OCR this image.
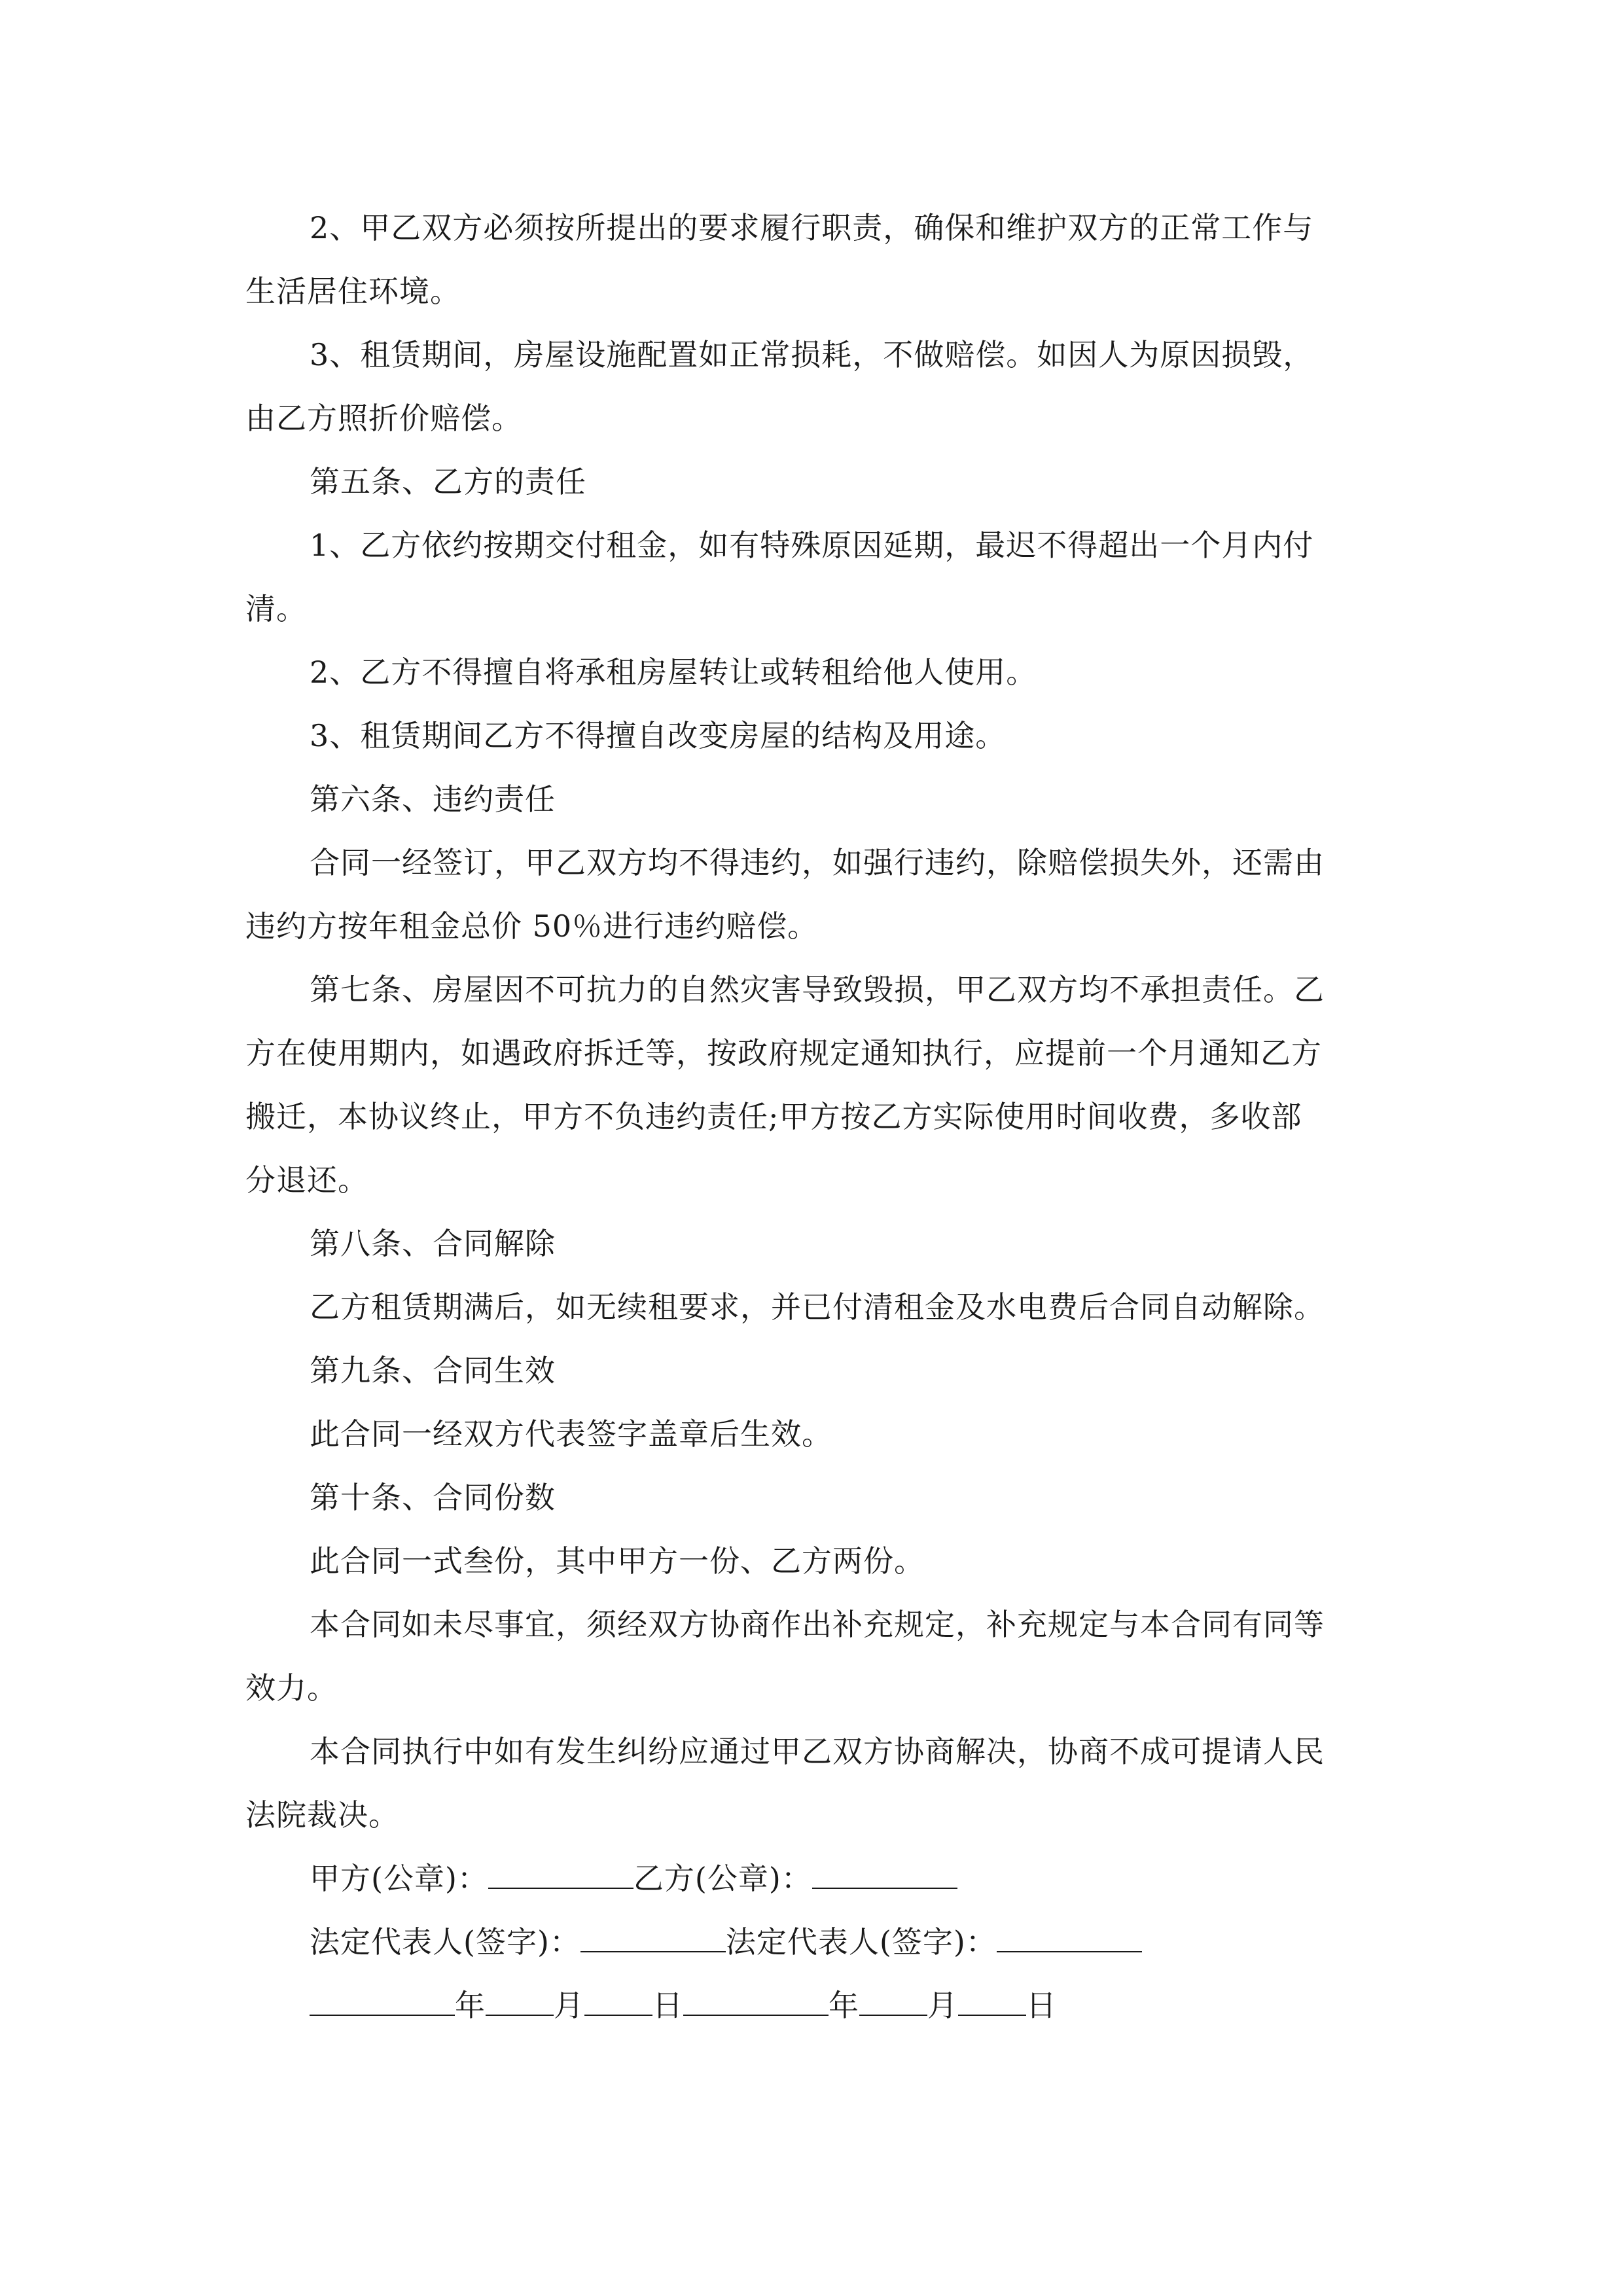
2、甲乙双方必须按所提出的要求履行职责，确保和维护双方的正常工作与
生活居住环境。
3、租赁期间，房屋设施配置如正常损耗，不做赔偿。如因人为原因损毁，
由乙方照折价赔偿。
第五条、乙方的责任
1、乙方依约按期交付租金，如有特殊原因延期，最迟不得超出一个月内付
清。
2、乙方不得擅自将承租房屋转让或转租给他人使用。
3、租赁期间乙方不得擅自改变房屋的结构及用途。
第六条、违约责任
合同一经签订，甲乙双方均不得违约，如强行违约，除赔偿损失外，还需由
违约方按年租金总价 50％进行违约赔偿。
第七条、房屋因不可抗力的自然灾害导致毁损，甲乙双方均不承担责任。乙
方在使用期内，如遇政府拆迁等，按政府规定通知执行，应提前一个月通知乙方
搬迁，本协议终止，甲方不负违约责任;甲方按乙方实际使用时间收费，多收部
分退还。
第八条、合同解除
乙方租赁期满后，如无续租要求，并已付清租金及水电费后合同自动解除。
第九条、合同生效
此合同一经双方代表签字盖章后生效。
第十条、合同份数
此合同一式叁份，其中甲方一份、乙方两份。
本合同如未尽事宜，须经双方协商作出补充规定，补充规定与本合同有同等
效力。
本合同执行中如有发生纠纷应通过甲乙双方协商解决，协商不成可提请人民
法院裁决。
甲方(公章)：	乙方(公章)：
法定代表人(签字)：	法定代表人(签字)：
年 月 日	年 月 日
